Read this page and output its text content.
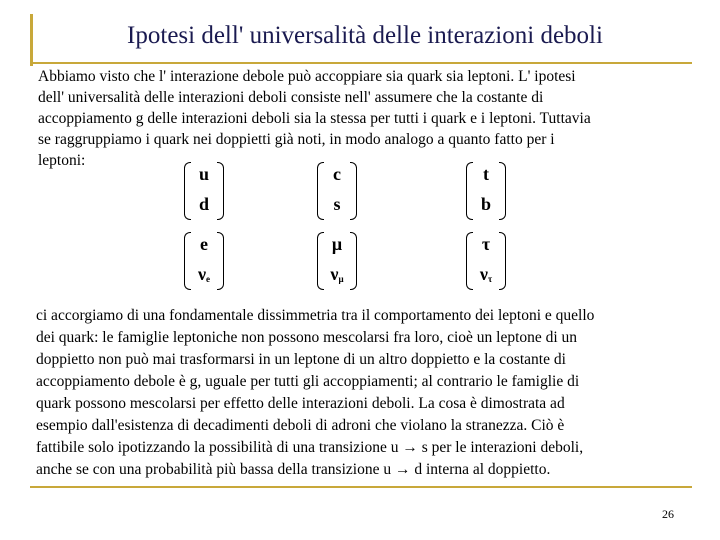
Ipotesi dell' universalità delle interazioni deboli
Abbiamo visto che l' interazione debole può accoppiare sia quark sia leptoni. L' ipotesi
dell' universalità delle interazioni deboli consiste nell' assumere che la costante di
accoppiamento g delle interazioni deboli sia la stessa per tutti i quark e i leptoni. Tuttavia
se raggruppiamo i quark nei doppietti già noti, in modo analogo a quanto fatto per i
leptoni:
u
d
c
s
t
b
e
$\nu_e$
μ
$\nu_\mu$
τ
$\nu_\tau$
ci accorgiamo di una fondamentale dissimmetria tra il comportamento dei leptoni e quello
dei quark: le famiglie leptoniche non possono mescolarsi fra loro, cioè un leptone di un
doppietto non può mai trasformarsi in un leptone di un altro doppietto e la costante di
accoppiamento debole è g, uguale per tutti gli accoppiamenti; al contrario le famiglie di
quark possono mescolarsi per effetto delle interazioni deboli. La cosa è dimostrata ad
esempio dall'esistenza di decadimenti deboli di adroni che violano la stranezza. Ciò è
fattibile solo ipotizzando la possibilità di una transizione u → s per le interazioni deboli,
anche se con una probabilità più bassa della transizione u → d interna al doppietto.
26
